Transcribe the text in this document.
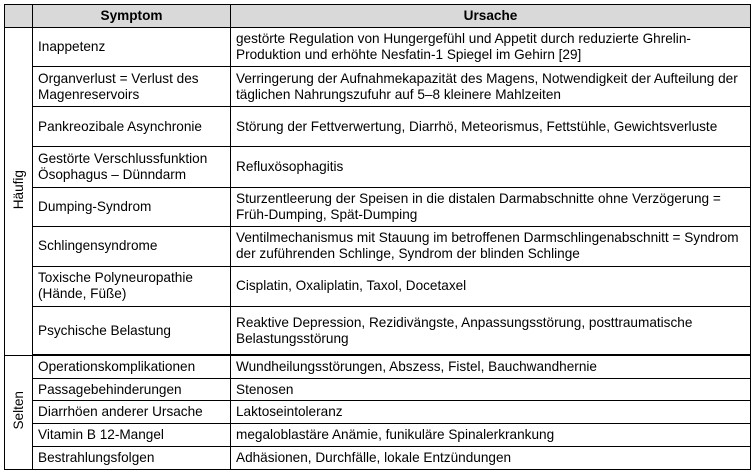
	Symptom	Ursache
Häufig	Inappetenz	gestörte Regulation von Hungergefühl und Appetit durch reduzierte Ghrelin-Produktion und erhöhte Nesfatin-1 Spiegel im Gehirn [29]
	Organverlust = Verlust des Magenreservoirs	Verringerung der Aufnahmekapazität des Magens, Notwendigkeit der Aufteilung der täglichen Nahrungszufuhr auf 5–8 kleinere Mahlzeiten
	Pankreozibale Asynchronie	Störung der Fettverwertung, Diarrhö, Meteorismus, Fettstühle, Gewichtsverluste
	Gestörte Verschlussfunktion Ösophagus – Dünndarm	Refluxösophagitis
	Dumping-Syndrom	Sturzentleerung der Speisen in die distalen Darmabschnitte ohne Verzögerung = Früh-Dumping, Spät-Dumping
	Schlingensyndrome	Ventilmechanismus mit Stauung im betroffenen Darmschlingenabschnitt = Syndrom der zuführenden Schlinge, Syndrom der blinden Schlinge
	Toxische Polyneuropathie (Hände, Füße)	Cisplatin, Oxaliplatin, Taxol, Docetaxel
	Psychische Belastung	Reaktive Depression, Rezidivängste, Anpassungsstörung, posttraumatische Belastungsstörung
Selten	Operationskomplikationen	Wundheilungsstörungen, Abszess, Fistel, Bauchwandhernie
	Passagebehinderungen	Stenosen
	Diarrhöen anderer Ursache	Laktoseintoleranz
	Vitamin B 12-Mangel	megaloblastäre Anämie, funikuläre Spinalerkrankung
	Bestrahlungsfolgen	Adhäsionen, Durchfälle, lokale Entzündungen
